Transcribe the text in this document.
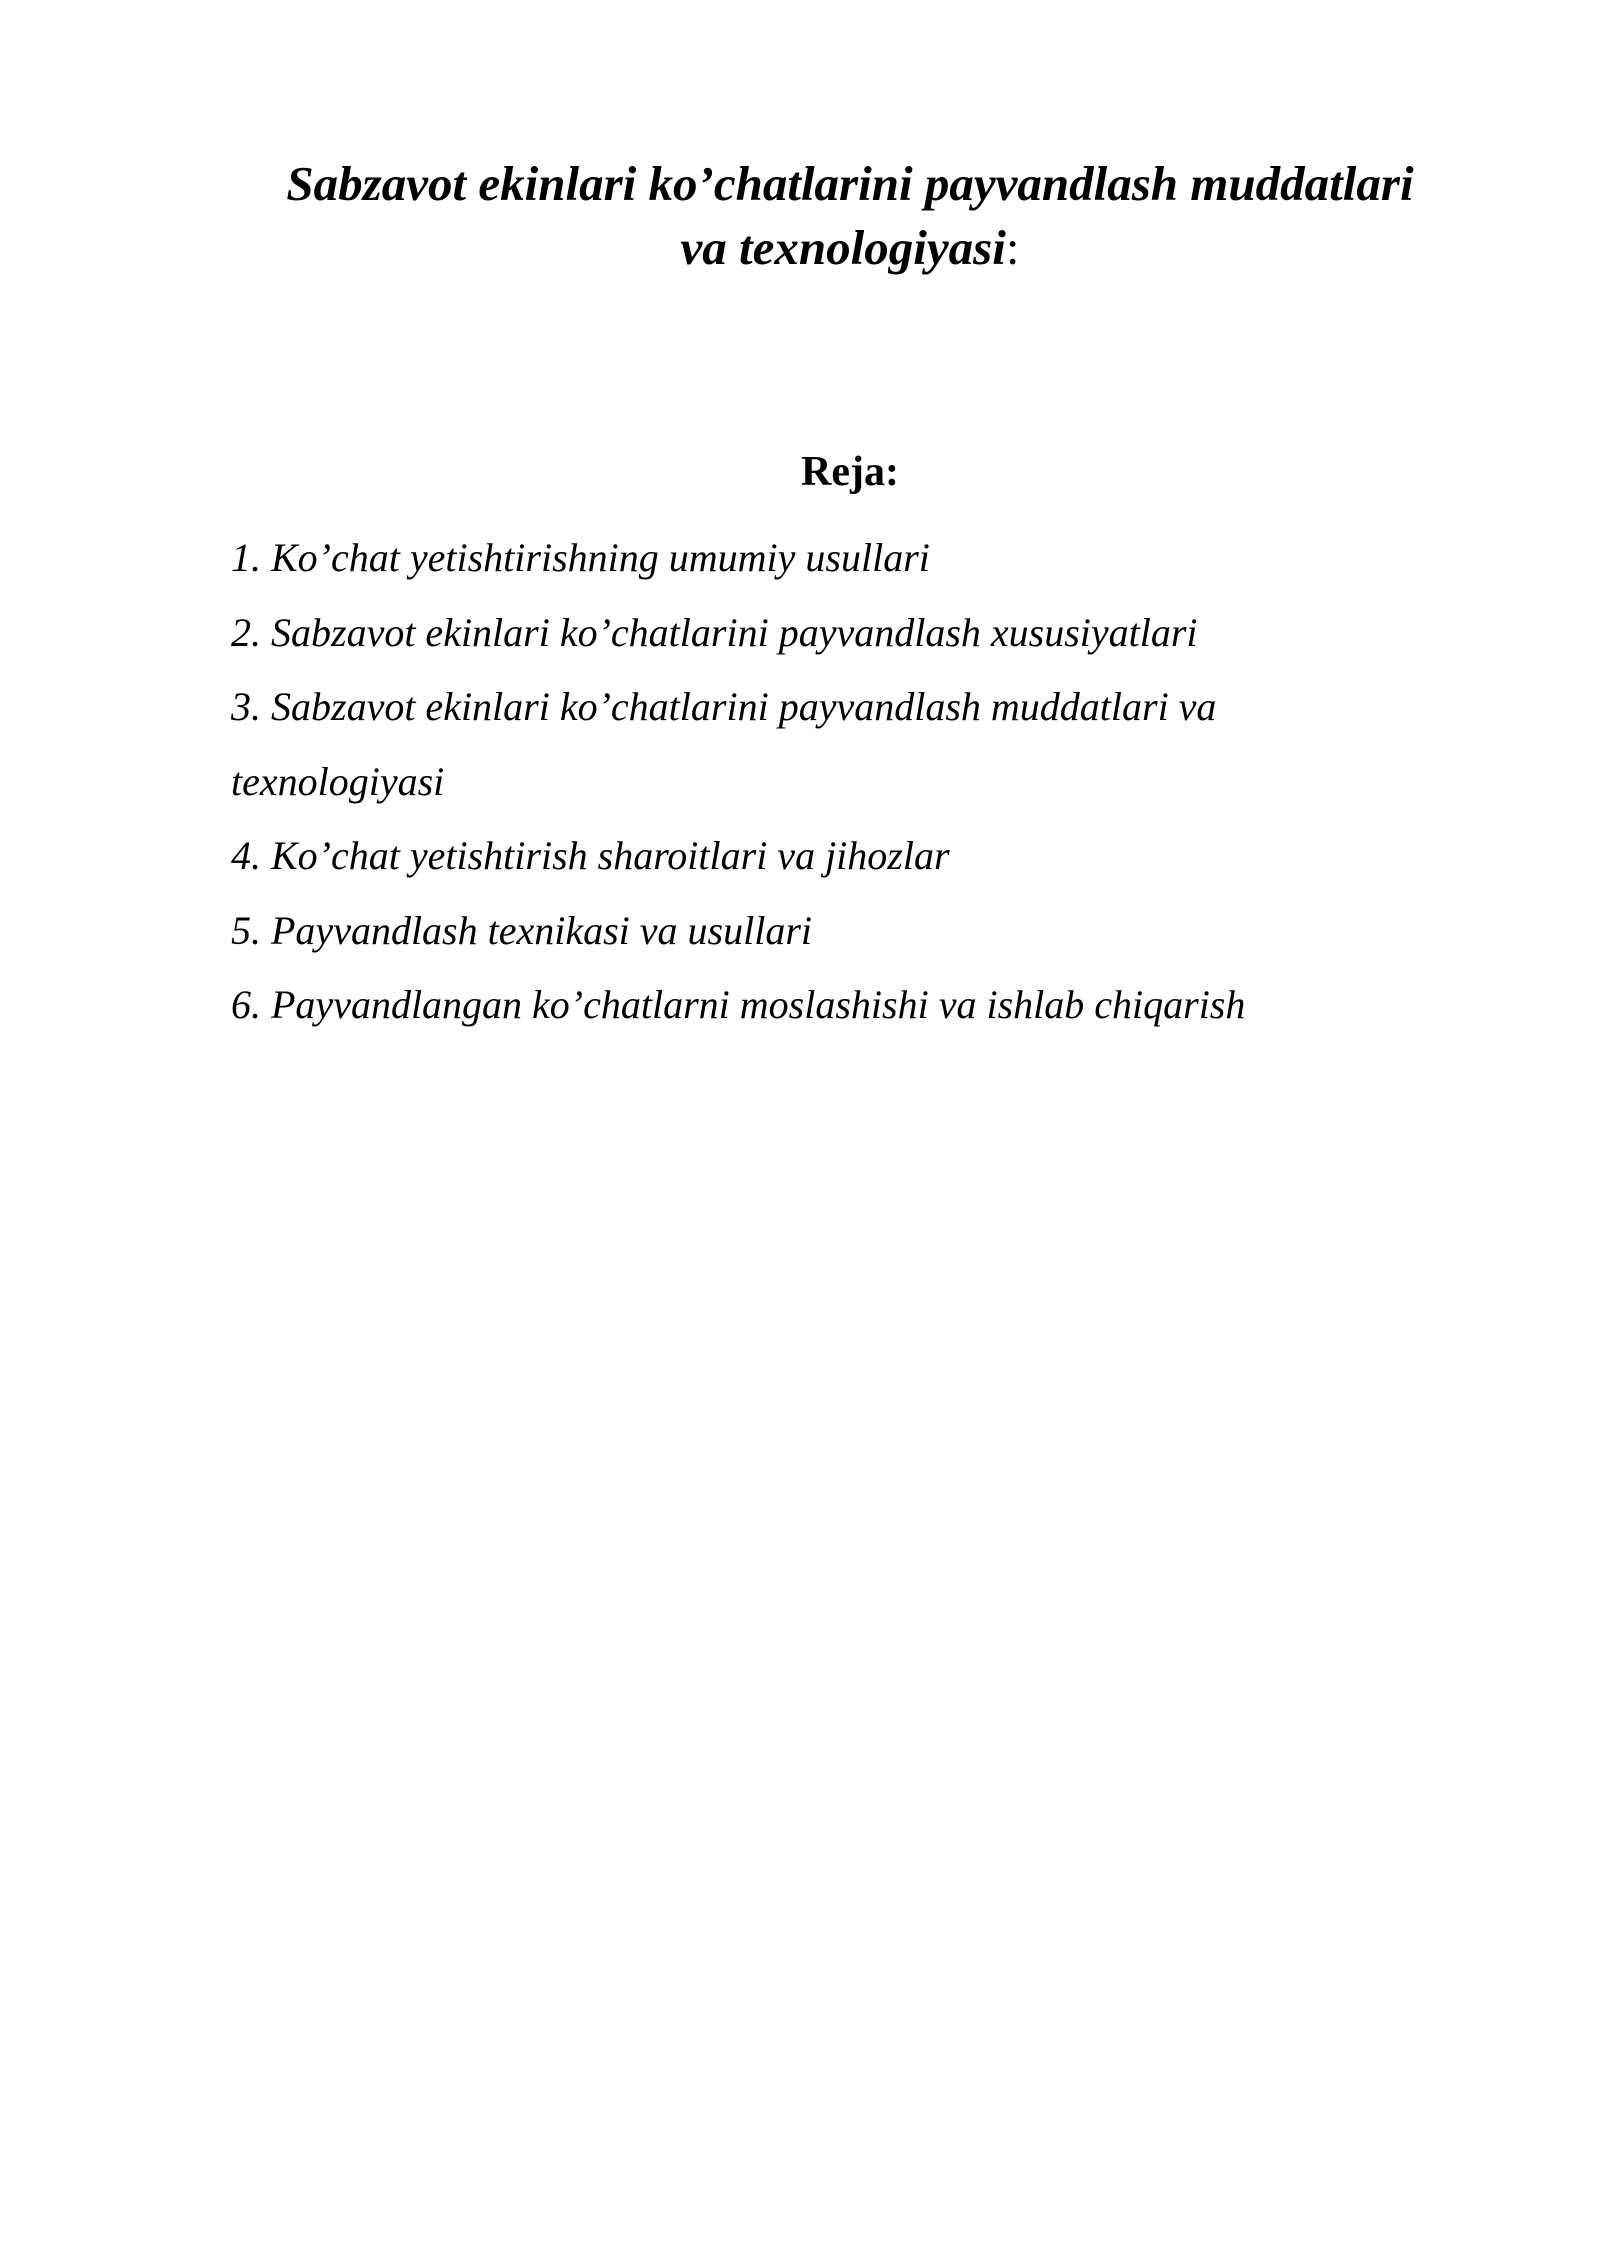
Sabzavot ekinlari ko’chatlarini payvandlash muddatlari
va texnologiyasi:
Reja:
1. Ko’chat yetishtirishning umumiy usullari
2. Sabzavot ekinlari ko’chatlarini payvandlash xususiyatlari
3. Sabzavot ekinlari ko’chatlarini payvandlash muddatlari va
texnologiyasi
4. Ko’chat yetishtirish sharoitlari va jihozlar
5. Payvandlash texnikasi va usullari
6. Payvandlangan ko’chatlarni moslashishi va ishlab chiqarish
